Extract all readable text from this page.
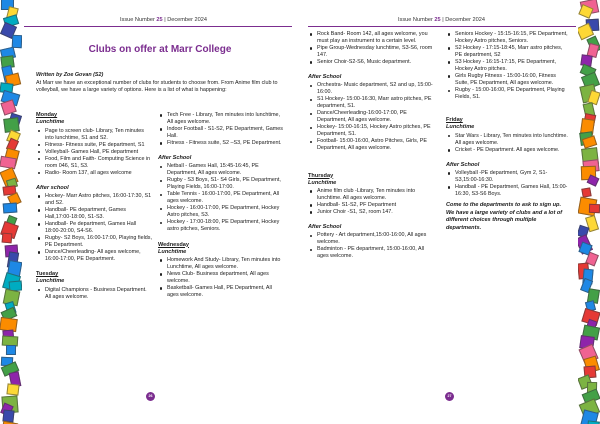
Issue Number 25 | December 2024
Clubs on offer at Marr College
Written by Zoe Govan (S2)
At Marr we have an exceptional number of clubs for students to choose from. From Anime film club to volleyball, we have a large variety of options. Here is a list of what is happening:
Monday
Lunchtime
Page to screen club- Library, Ten minutes into lunchtime, S1 and S2.
Fitness- Fitness suite, PE department, S1
Volleyball- Games Hall, PE department
Food, Film and Faith- Computing Science in room 046, S1, S3.
Radio- Room 137, all ages welcome
After school
Hockey- Marr Astro pitches, 16:00-17:30, S1 and S2.
Handball- PE department, Games Hall,17:00-18:00, S1-S3.
Handball- Pe department, Games Hall 18:00-20:00, S4-S6.
Rugby- S2 Boys, 16:00-17:00, Playing fields, PE Department.
Dance/Cheerleading- All ages welcome, 16:00-17:00, PE Department.
Tuesday
Lunchtime
Digital Champions - Business Department. All ages welcome.
Tech Free - Library, Ten minutes into lunchtime, All ages welcome.
Indoor Football - S1-S2, PE Department, Games Hall.
Fitness - Fitness suite, S2 –S3, PE Department.
After School
Netball - Games Hall, 15:45-16:45, PE Department, All ages welcome.
Rugby - S3 Boys, S1- S4 Girls, PE Department, Playing Fields, 16:00-17:00.
Table Tennis - 16:00-17:00, PE Department, All ages welcome.
Hockey - 16:00-17:00, PE Department, Hockey Astro pitches, S3.
Hockey - 17:00-18:00, PE Department, Hockey astro pitches, Seniors.
Wednesday
Lunchtime
Homework And Study- Library, Ten minutes into Lunchtime, All ages welcome.
News Club- Business department, All ages welcome.
Basketball- Games Hall, PE Department, All ages welcome.
26
Issue Number 25 | December 2024
Rock Band- Room 142, all ages welcome, you must play an instrument to a certain level.
Pipe Group-Wednesday lunchtime, S3-S6, room 147.
Senior Choir-S2-S6, Music department.
After School
Orchestra- Music department, S2 and up, 15:00-16:00.
S1 Hockey- 15:00-16:30, Marr astro pitches, PE department, S1.
Dance/Cheerleading-16:00-17:00, PE Department, All ages welcome.
Hockey- 15:00-16:15, Hockey Astro pitches, PE Department, S1.
Football- 15:00-16:00, Astro Pitches, Girls, PE Department, All ages welcome.
Thursday
Lunchtime
Anime film club -Library, Ten minutes into lunchtime. All ages welcome.
Handball- S1-S2, PF Department
Junior Choir -S1, S2, room 147.
After School
Pottery - Art department,15:00-16:00, All ages welcome.
Badminton - PE department, 15:00-16:00, All ages welcome.
Seniors Hockey - 15:15-16:15, PE Department, Hockey Astro pitches, Seniors.
S2 Hockey - 17:15-18:45, Marr astro pitches, PE department, S2
S3 Hockey - 16:15-17:15, PE Department, Hockey Astro pitches.
Girls Rugby Fitness - 15:00-16:00, Fitness Suite, PE Department, All ages welcome.
Rugby - 15:00-16:00, PE Department, Playing Fields, S1.
Friday
Lunchtime
Star Wars - Library, Ten minutes into lunchtime. All ages welcome.
Cricket - PE Department. All ages welcome.
After School
Volleyball -PE department, Gym 2, S1-S3,15:00-16:30.
Handball - PE Department, Games Hall, 15:00-16:30, S3-S6 Boys.
Come to the departments to ask to sign up. We have a large variety of clubs and a lot of different choices through multiple departments.
27
